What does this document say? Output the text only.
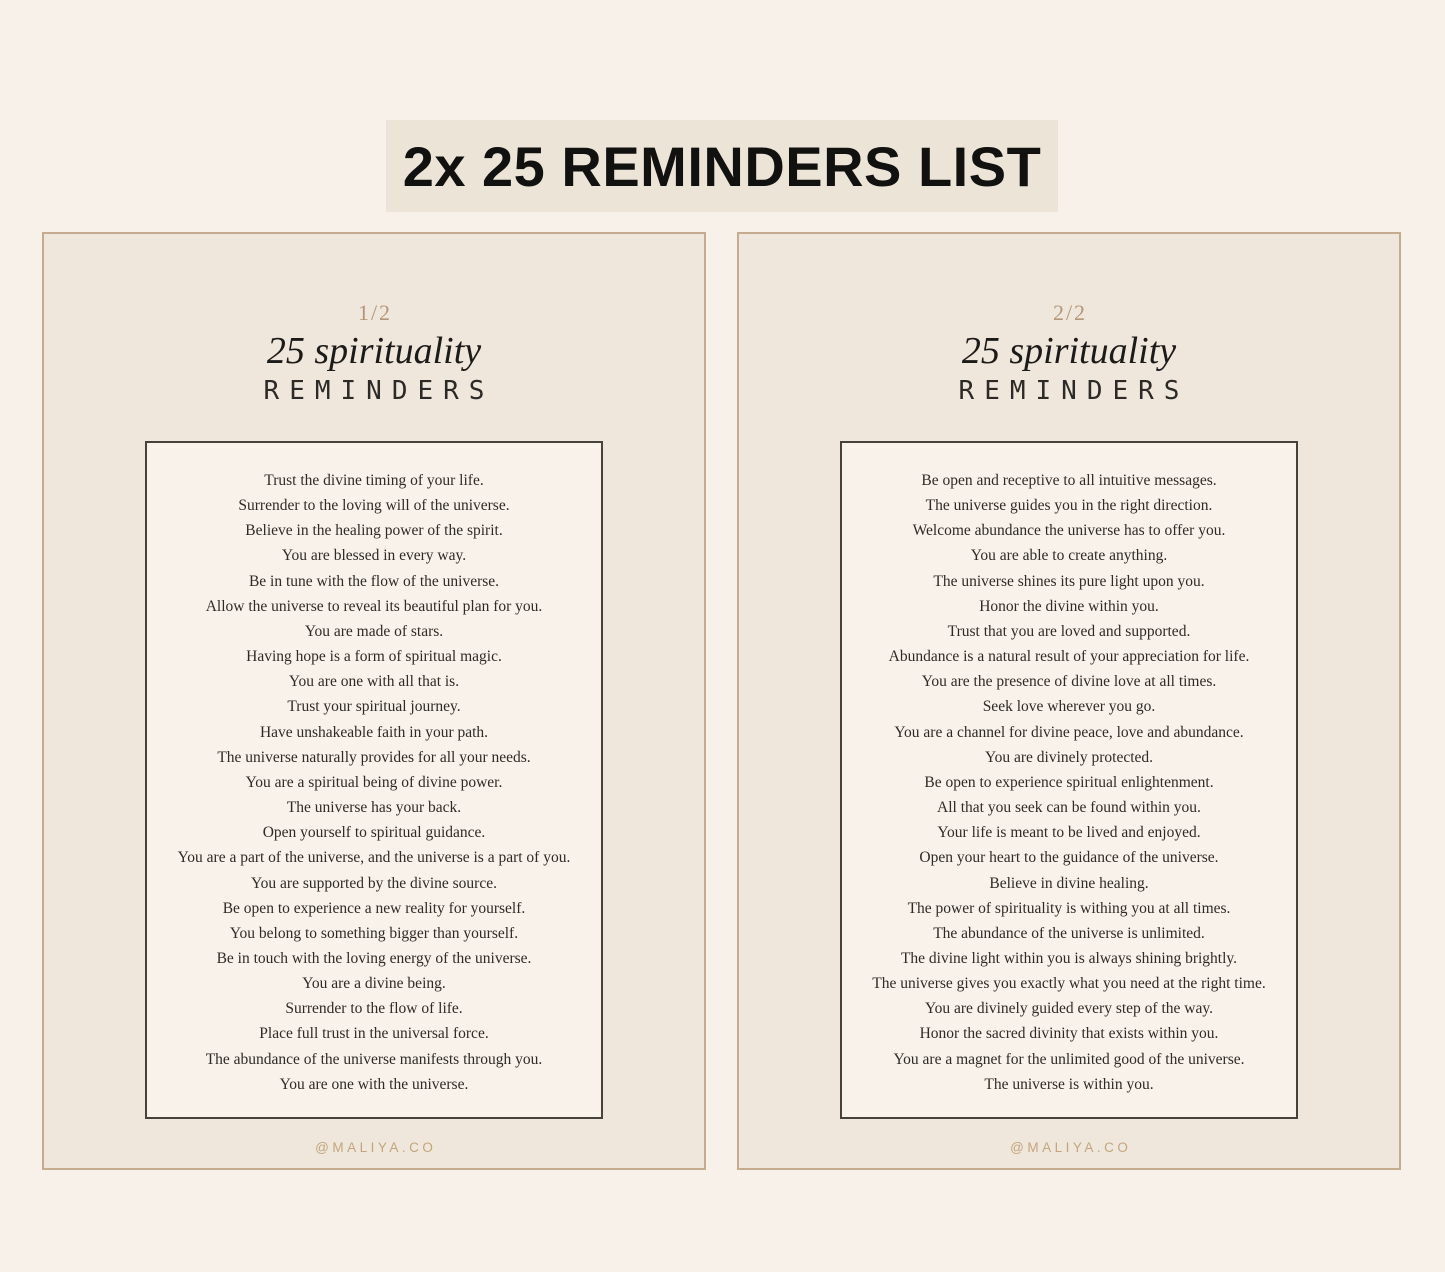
2x 25 REMINDERS LIST
1/2
25 spirituality
REMINDERS

Trust the divine timing of your life.

Surrender to the loving will of the universe.

Believe in the healing power of the spirit.

You are blessed in every way.

Be in tune with the flow of the universe.

Allow the universe to reveal its beautiful plan for you.

You are made of stars.

Having hope is a form of spiritual magic.

You are one with all that is.

Trust your spiritual journey.

Have unshakeable faith in your path.

The universe naturally provides for all your needs.

You are a spiritual being of divine power.

The universe has your back.

Open yourself to spiritual guidance.

You are a part of the universe, and the universe is a part of you.

You are supported by the divine source.

Be open to experience a new reality for yourself.

You belong to something bigger than yourself.

Be in touch with the loving energy of the universe.

You are a divine being.

Surrender to the flow of life.

Place full trust in the universal force.

The abundance of the universe manifests through you.

You are one with the universe.

@MALIYA.CO
2/2
25 spirituality
REMINDERS

Be open and receptive to all intuitive messages.

The universe guides you in the right direction.

Welcome abundance the universe has to offer you.

You are able to create anything.

The universe shines its pure light upon you.

Honor the divine within you.

Trust that you are loved and supported.

Abundance is a natural result of your appreciation for life.

You are the presence of divine love at all times.

Seek love wherever you go.

You are a channel for divine peace, love and abundance.

You are divinely protected.

Be open to experience spiritual enlightenment.

All that you seek can be found within you.

Your life is meant to be lived and enjoyed.

Open your heart to the guidance of the universe.

Believe in divine healing.

The power of spirituality is withing you at all times.

The abundance of the universe is unlimited.

The divine light within you is always shining brightly.

The universe gives you exactly what you need at the right time.

You are divinely guided every step of the way.

Honor the sacred divinity that exists within you.

You are a magnet for the unlimited good of the universe.

The universe is within you.

@MALIYA.CO
